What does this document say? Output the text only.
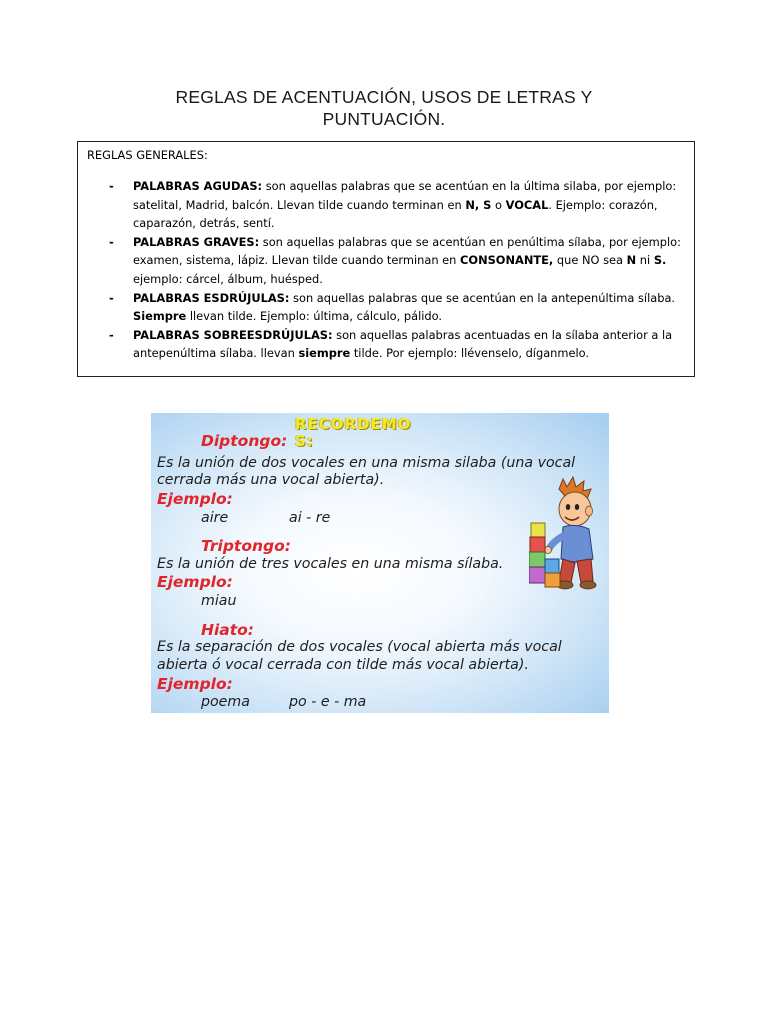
REGLAS DE ACENTUACIÓN, USOS DE LETRAS Y
PUNTUACIÓN.
REGLAS GENERALES:
- PALABRAS AGUDAS: son aquellas palabras que se acentúan en la última silaba, por ejemplo: satelital, Madrid, balcón. Llevan tilde cuando terminan en N, S o VOCAL. Ejemplo: corazón, caparazón, detrás, sentí.
- PALABRAS GRAVES: son aquellas palabras que se acentúan en penúltima sílaba, por ejemplo: examen, sistema, lápiz. Llevan tilde cuando terminan en CONSONANTE, que NO sea N ni S. ejemplo: cárcel, álbum, huésped.
- PALABRAS ESDRÚJULAS: son aquellas palabras que se acentúan en la antepenúltima sílaba. Siempre llevan tilde. Ejemplo: última, cálculo, pálido.
- PALABRAS SOBREESDRÚJULAS: son aquellas palabras acentuadas en la sílaba anterior a la antepenúltima sílaba. llevan siempre tilde. Por ejemplo: llévenselo, díganmelo.
RECORDEMO
S:
Diptongo:
Es la unión de dos vocales en una misma silaba (una vocal
cerrada más una vocal abierta).
Ejemplo:
aire	ai - re
Triptongo:
Es la unión de tres vocales en una misma sílaba.
Ejemplo:
miau
Hiato:
Es la separación de dos vocales (vocal abierta más vocal
abierta ó vocal cerrada con tilde más vocal abierta).
Ejemplo:
poema	po - e - ma
